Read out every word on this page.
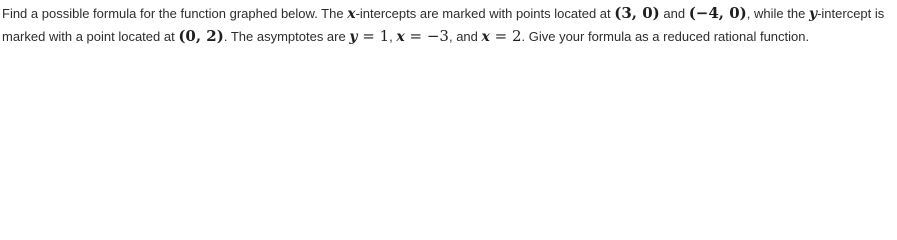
Find a possible formula for the function graphed below. The x-intercepts are marked with points located at (3, 0) and (−4, 0), while the y-intercept is marked with a point located at (0, 2). The asymptotes are y = 1, x = −3, and x = 2. Give your formula as a reduced rational function.
